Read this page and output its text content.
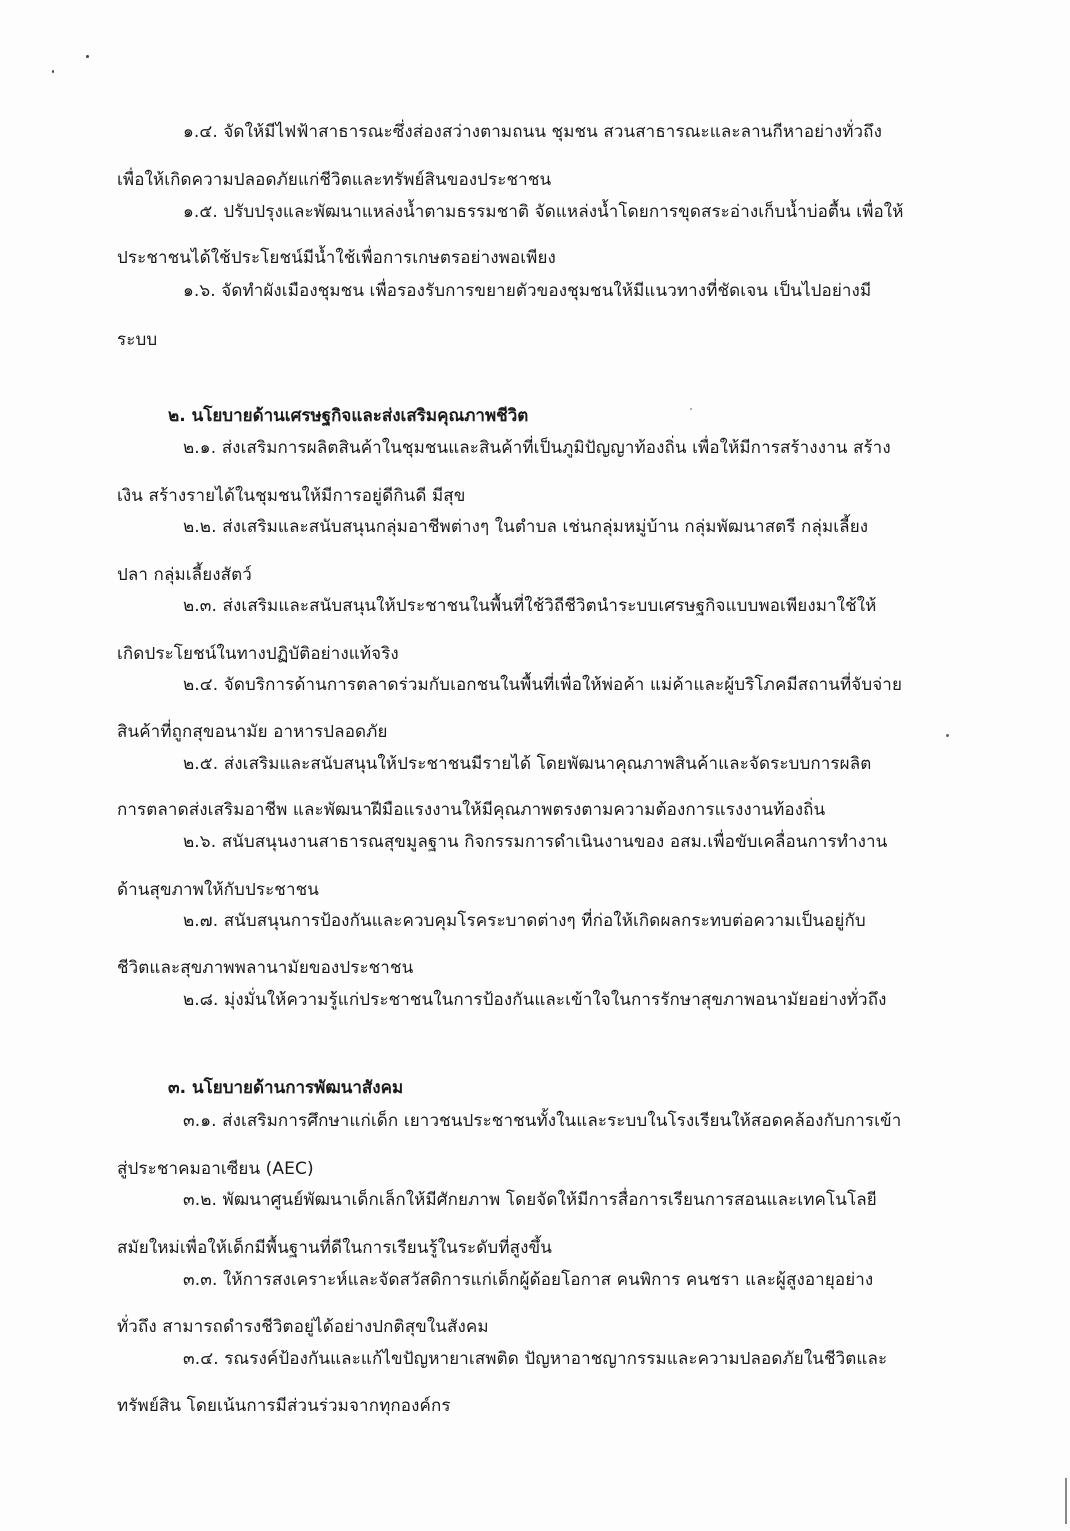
๑.๔. จัดให้มีไฟฟ้าสาธารณะซึ่งส่องสว่างตามถนน ชุมชน สวนสาธารณะและลานกีหาอย่างทั่วถึง
เพื่อให้เกิดความปลอดภัยแก่ชีวิตและทรัพย์สินของประชาชน
๑.๕. ปรับปรุงและพัฒนาแหล่งน้ำตามธรรมชาติ จัดแหล่งน้ำโดยการขุดสระอ่างเก็บน้ำบ่อตื้น เพื่อให้
ประชาชนได้ใช้ประโยชน์มีน้ำใช้เพื่อการเกษตรอย่างพอเพียง
๑.๖. จัดทำผังเมืองชุมชน เพื่อรองรับการขยายตัวของชุมชนให้มีแนวทางที่ชัดเจน เป็นไปอย่างมี
ระบบ
๒. นโยบายด้านเศรษฐกิจและส่งเสริมคุณภาพชีวิต
๒.๑. ส่งเสริมการผลิตสินค้าในชุมชนและสินค้าที่เป็นภูมิปัญญาท้องถิ่น เพื่อให้มีการสร้างงาน สร้าง
เงิน สร้างรายได้ในชุมชนให้มีการอยู่ดีกินดี มีสุข
๒.๒. ส่งเสริมและสนับสนุนกลุ่มอาชีพต่างๆ ในตำบล เช่นกลุ่มหมู่บ้าน กลุ่มพัฒนาสตรี กลุ่มเลี้ยง
ปลา กลุ่มเลี้ยงสัตว์
๒.๓. ส่งเสริมและสนับสนุนให้ประชาชนในพื้นที่ใช้วิถีชีวิตนำระบบเศรษฐกิจแบบพอเพียงมาใช้ให้
เกิดประโยชน์ในทางปฏิบัติอย่างแท้จริง
๒.๔. จัดบริการด้านการตลาดร่วมกับเอกชนในพื้นที่เพื่อให้พ่อค้า แม่ค้าและผู้บริโภคมีสถานที่จับจ่าย
สินค้าที่ถูกสุขอนามัย อาหารปลอดภัย
๒.๕. ส่งเสริมและสนับสนุนให้ประชาชนมีรายได้ โดยพัฒนาคุณภาพสินค้าและจัดระบบการผลิต
การตลาดส่งเสริมอาชีพ และพัฒนาฝีมือแรงงานให้มีคุณภาพตรงตามความต้องการแรงงานท้องถิ่น
๒.๖. สนับสนุนงานสาธารณสุขมูลฐาน กิจกรรมการดำเนินงานของ อสม.เพื่อขับเคลื่อนการทำงาน
ด้านสุขภาพให้กับประชาชน
๒.๗. สนับสนุนการป้องกันและควบคุมโรคระบาดต่างๆ ที่ก่อให้เกิดผลกระทบต่อความเป็นอยู่กับ
ชีวิตและสุขภาพพลานามัยของประชาชน
๒.๘. มุ่งมั่นให้ความรู้แก่ประชาชนในการป้องกันและเข้าใจในการรักษาสุขภาพอนามัยอย่างทั่วถึง
๓. นโยบายด้านการพัฒนาสังคม
๓.๑. ส่งเสริมการศึกษาแก่เด็ก เยาวชนประชาชนทั้งในและระบบในโรงเรียนให้สอดคล้องกับการเข้า
สู่ประชาคมอาเซียน (AEC)
๓.๒. พัฒนาศูนย์พัฒนาเด็กเล็กให้มีศักยภาพ โดยจัดให้มีการสื่อการเรียนการสอนและเทคโนโลยี
สมัยใหม่เพื่อให้เด็กมีพื้นฐานที่ดีในการเรียนรู้ในระดับที่สูงขึ้น
๓.๓. ให้การสงเคราะห์และจัดสวัสดิการแก่เด็กผู้ด้อยโอกาส คนพิการ คนชรา และผู้สูงอายุอย่าง
ทั่วถึง สามารถดำรงชีวิตอยู่ได้อย่างปกติสุขในสังคม
๓.๔. รณรงค์ป้องกันและแก้ไขปัญหายาเสพติด ปัญหาอาชญากรรมและความปลอดภัยในชีวิตและ
ทรัพย์สิน โดยเน้นการมีส่วนร่วมจากทุกองค์กร
